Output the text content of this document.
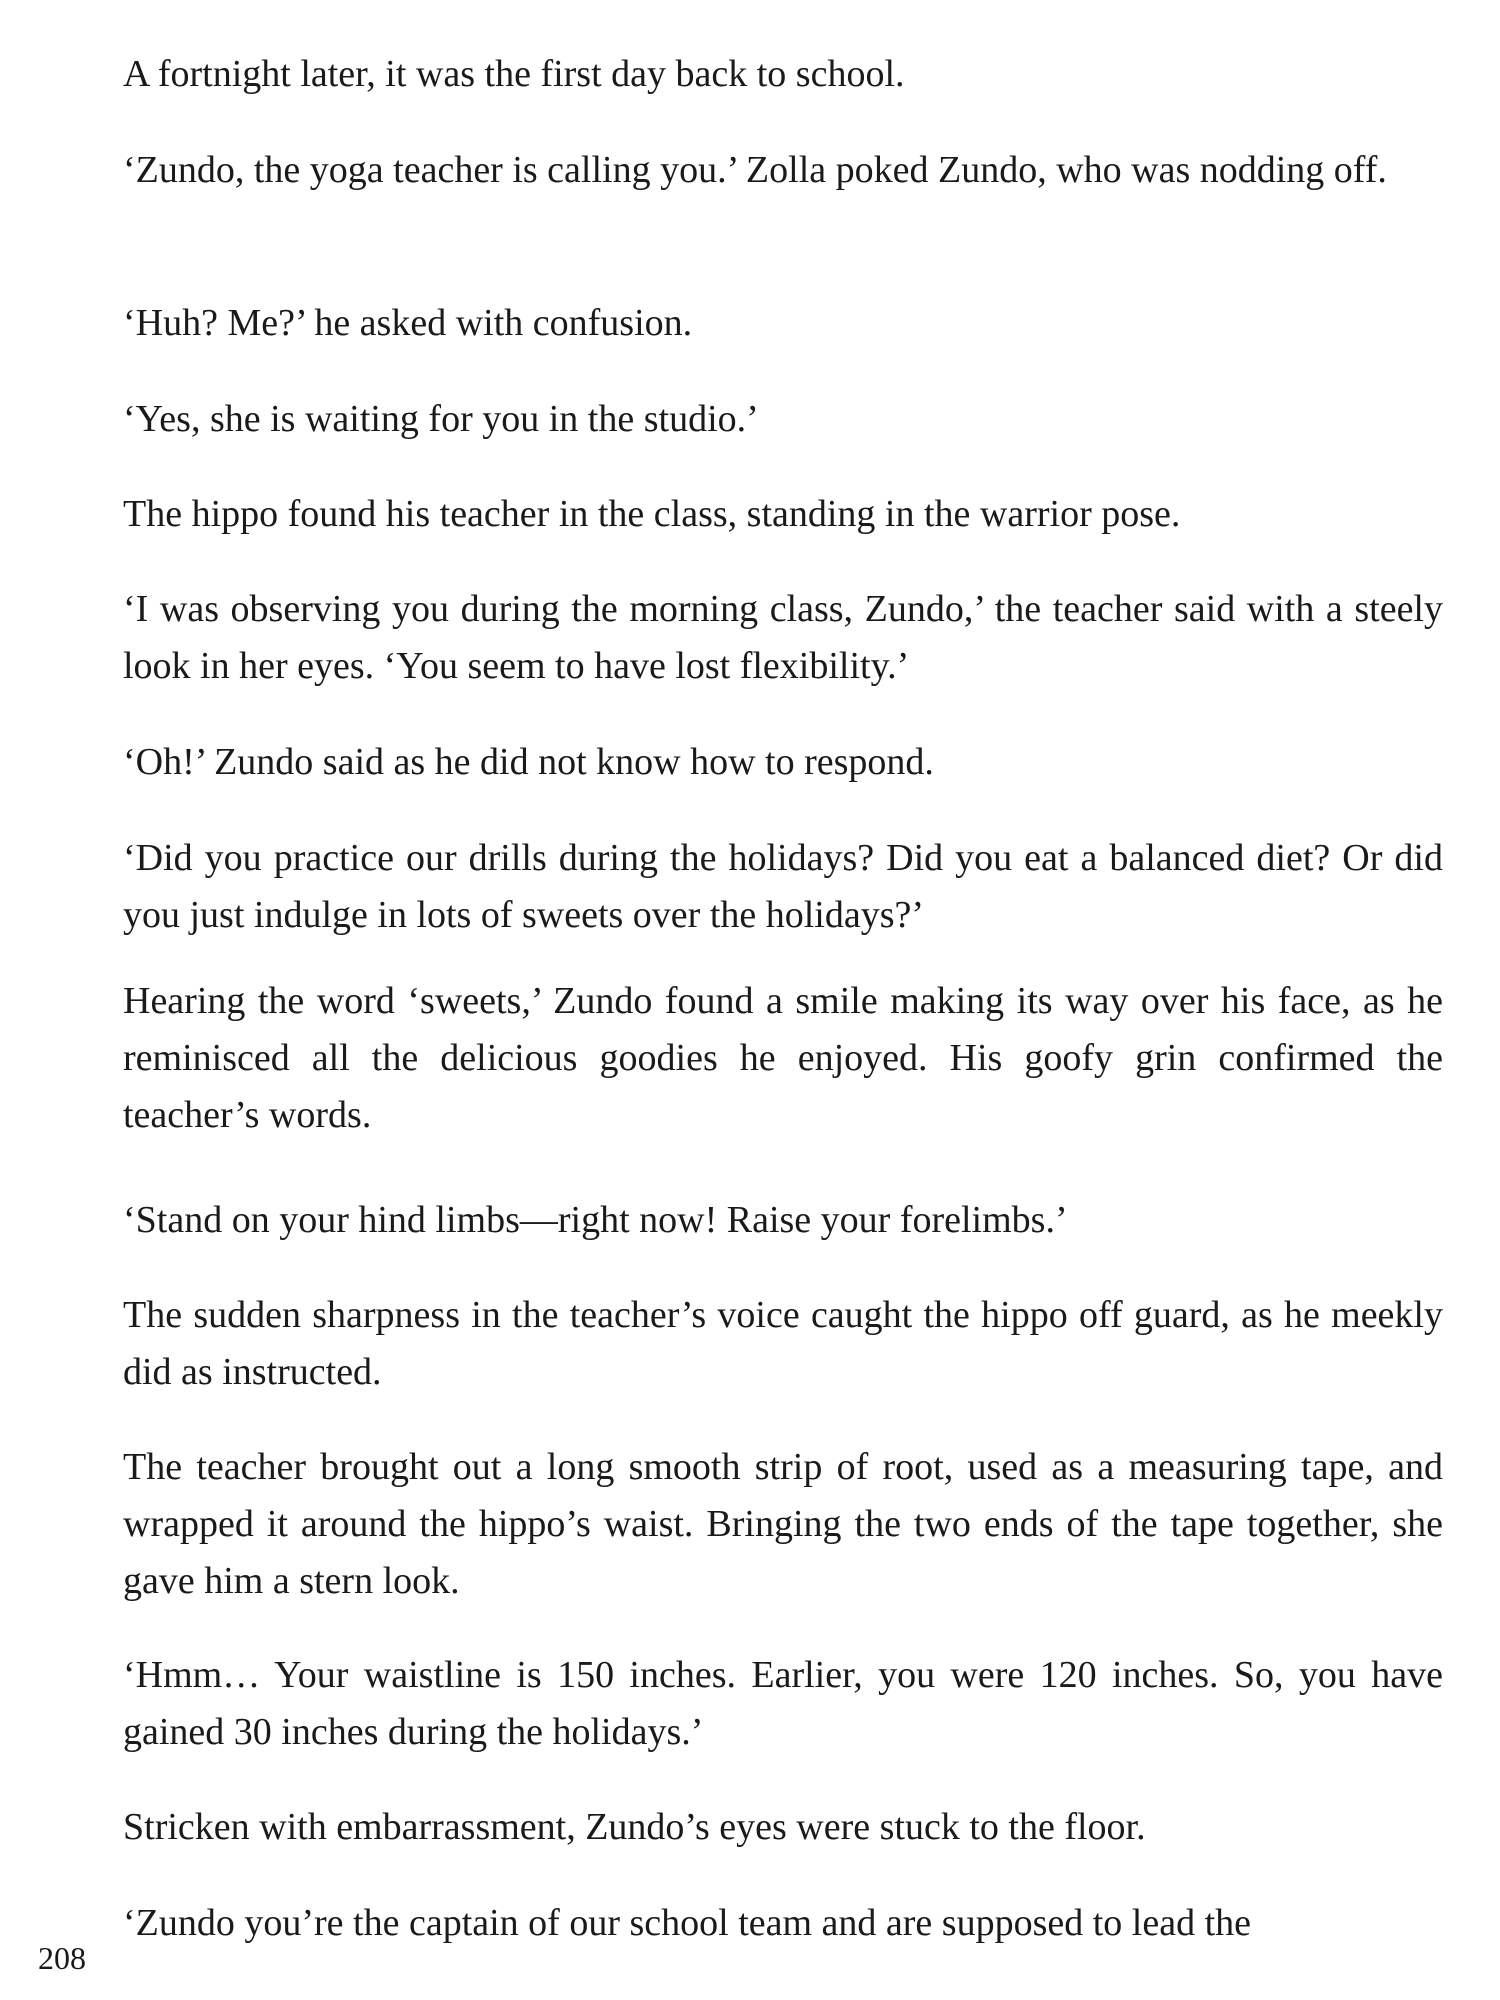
A fortnight later, it was the first day back to school.

‘Zundo, the yoga teacher is calling you.’ Zolla poked Zundo, who was nodding off.

‘Huh? Me?’ he asked with confusion.

‘Yes, she is waiting for you in the studio.’

The hippo found his teacher in the class, standing in the warrior pose.

‘I was observing you during the morning class, Zundo,’ the teacher said with a steely look in her eyes. ‘You seem to have lost flexibility.’

‘Oh!’ Zundo said as he did not know how to respond.

‘Did you practice our drills during the holidays? Did you eat a balanced diet? Or did you just indulge in lots of sweets over the holidays?’

Hearing the word ‘sweets,’ Zundo found a smile making its way over his face, as he reminisced all the delicious goodies he enjoyed. His goofy grin confirmed the teacher’s words.

‘Stand on your hind limbs—right now! Raise your forelimbs.’

The sudden sharpness in the teacher’s voice caught the hippo off guard, as he meekly did as instructed.

The teacher brought out a long smooth strip of root, used as a measuring tape, and wrapped it around the hippo’s waist. Bringing the two ends of the tape together, she gave him a stern look.

‘Hmm… Your waistline is 150 inches. Earlier, you were 120 inches. So, you have gained 30 inches during the holidays.’

Stricken with embarrassment, Zundo’s eyes were stuck to the floor.

‘Zundo you’re the captain of our school team and are supposed to lead the

208
